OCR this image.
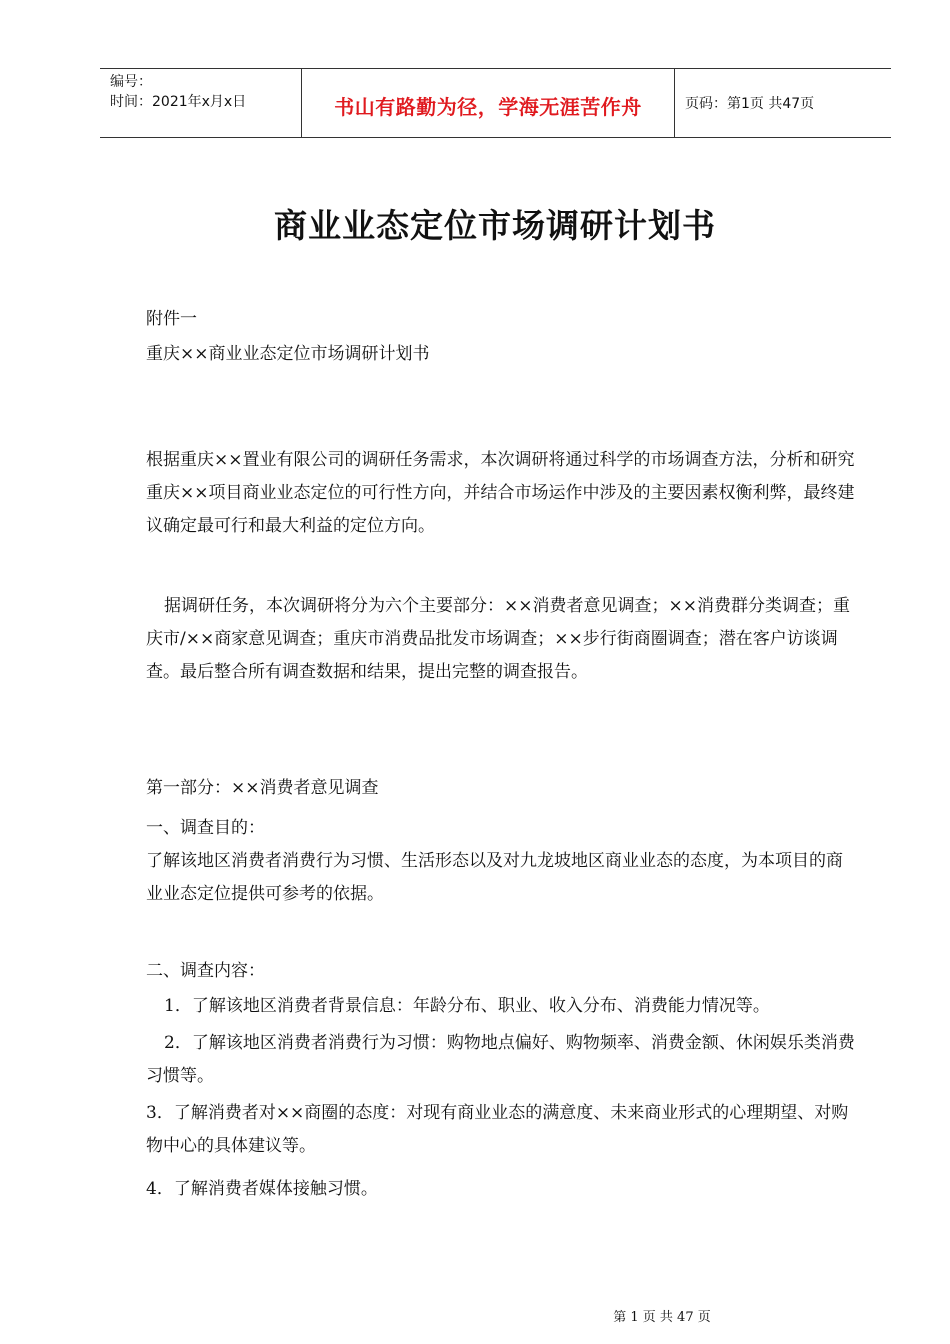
编号：
时间：2021年x月x日	书山有路勤为径，学海无涯苦作舟	页码：第1页 共47页
商业业态定位市场调研计划书
附件一
重庆××商业业态定位市场调研计划书
根据重庆××置业有限公司的调研任务需求，本次调研将通过科学的市场调查方法，分析和研究重庆××项目商业业态定位的可行性方向，并结合市场运作中涉及的主要因素权衡利弊，最终建议确定最可行和最大利益的定位方向。
据调研任务，本次调研将分为六个主要部分：××消费者意见调查；××消费群分类调查；重庆市/××商家意见调查；重庆市消费品批发市场调查；××步行街商圈调查；潜在客户访谈调查。最后整合所有调查数据和结果，提出完整的调查报告。
第一部分：××消费者意见调查
一、调查目的：
了解该地区消费者消费行为习惯、生活形态以及对九龙坡地区商业业态的态度，为本项目的商业业态定位提供可参考的依据。
二、调查内容：
1．了解该地区消费者背景信息：年龄分布、职业、收入分布、消费能力情况等。
2．了解该地区消费者消费行为习惯：购物地点偏好、购物频率、消费金额、休闲娱乐类消费习惯等。
3．了解消费者对××商圈的态度：对现有商业业态的满意度、未来商业形式的心理期望、对购物中心的具体建议等。
4．了解消费者媒体接触习惯。
第 1 页 共 47 页
